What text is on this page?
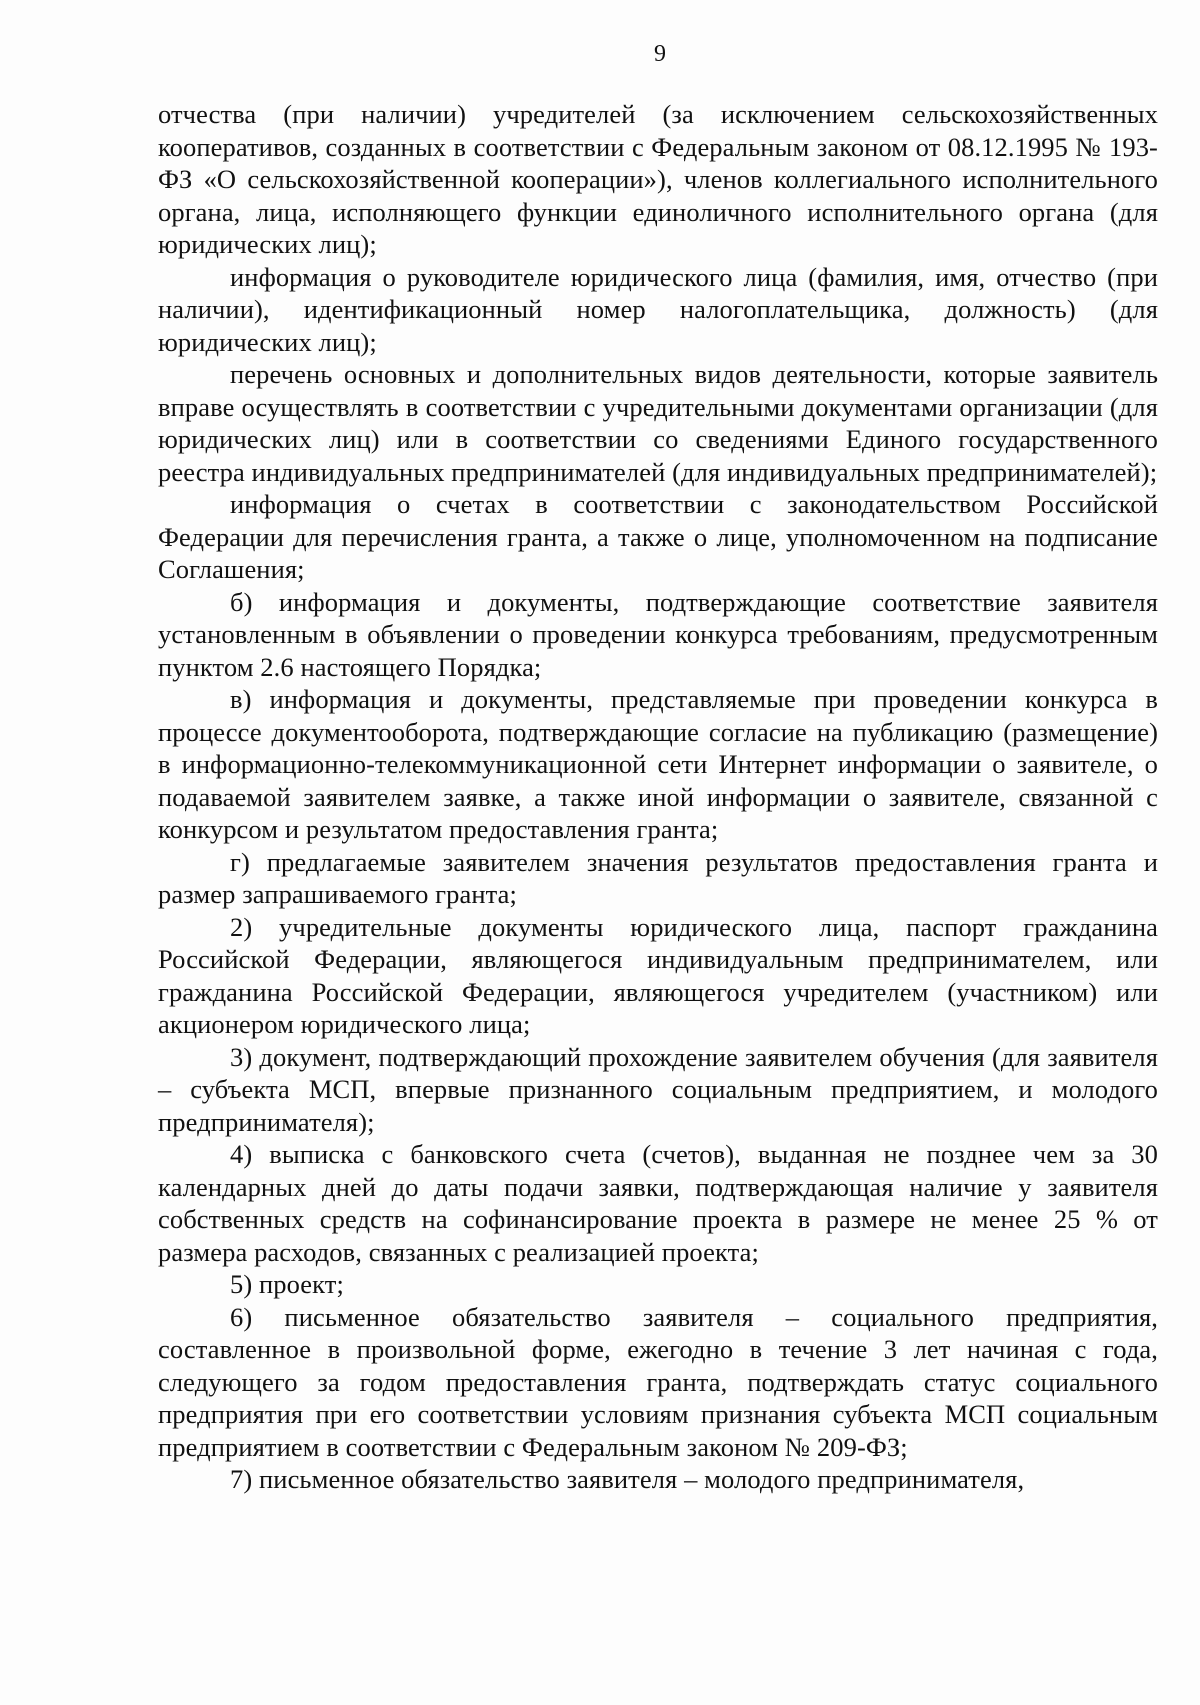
9

отчества (при наличии) учредителей (за исключением сельскохозяйственных кооперативов, созданных в соответствии с Федеральным законом от 08.12.1995 № 193-ФЗ «О сельскохозяйственной кооперации»), членов коллегиального исполнительного органа, лица, исполняющего функции единоличного исполнительного органа (для юридических лиц);

информация о руководителе юридического лица (фамилия, имя, отчество (при наличии), идентификационный номер налогоплательщика, должность) (для юридических лиц);

перечень основных и дополнительных видов деятельности, которые заявитель вправе осуществлять в соответствии с учредительными документами организации (для юридических лиц) или в соответствии со сведениями Единого государственного реестра индивидуальных предпринимателей (для индивидуальных предпринимателей);

информация о счетах в соответствии с законодательством Российской Федерации для перечисления гранта, а также о лице, уполномоченном на подписание Соглашения;

б) информация и документы, подтверждающие соответствие заявителя установленным в объявлении о проведении конкурса требованиям, предусмотренным пунктом 2.6 настоящего Порядка;

в) информация и документы, представляемые при проведении конкурса в процессе документооборота, подтверждающие согласие на публикацию (размещение) в информационно-телекоммуникационной сети Интернет информации о заявителе, о подаваемой заявителем заявке, а также иной информации о заявителе, связанной с конкурсом и результатом предоставления гранта;

г) предлагаемые заявителем значения результатов предоставления гранта и размер запрашиваемого гранта;

2) учредительные документы юридического лица, паспорт гражданина Российской Федерации, являющегося индивидуальным предпринимателем, или гражданина Российской Федерации, являющегося учредителем (участником) или акционером юридического лица;

3) документ, подтверждающий прохождение заявителем обучения (для заявителя – субъекта МСП, впервые признанного социальным предприятием, и молодого предпринимателя);

4) выписка с банковского счета (счетов), выданная не позднее чем за 30 календарных дней до даты подачи заявки, подтверждающая наличие у заявителя собственных средств на софинансирование проекта в размере не менее 25 % от размера расходов, связанных с реализацией проекта;

5) проект;

6) письменное обязательство заявителя – социального предприятия, составленное в произвольной форме, ежегодно в течение 3 лет начиная с года, следующего за годом предоставления гранта, подтверждать статус социального предприятия при его соответствии условиям признания субъекта МСП социальным предприятием в соответствии с Федеральным законом № 209-ФЗ;

7) письменное обязательство заявителя – молодого предпринимателя,
